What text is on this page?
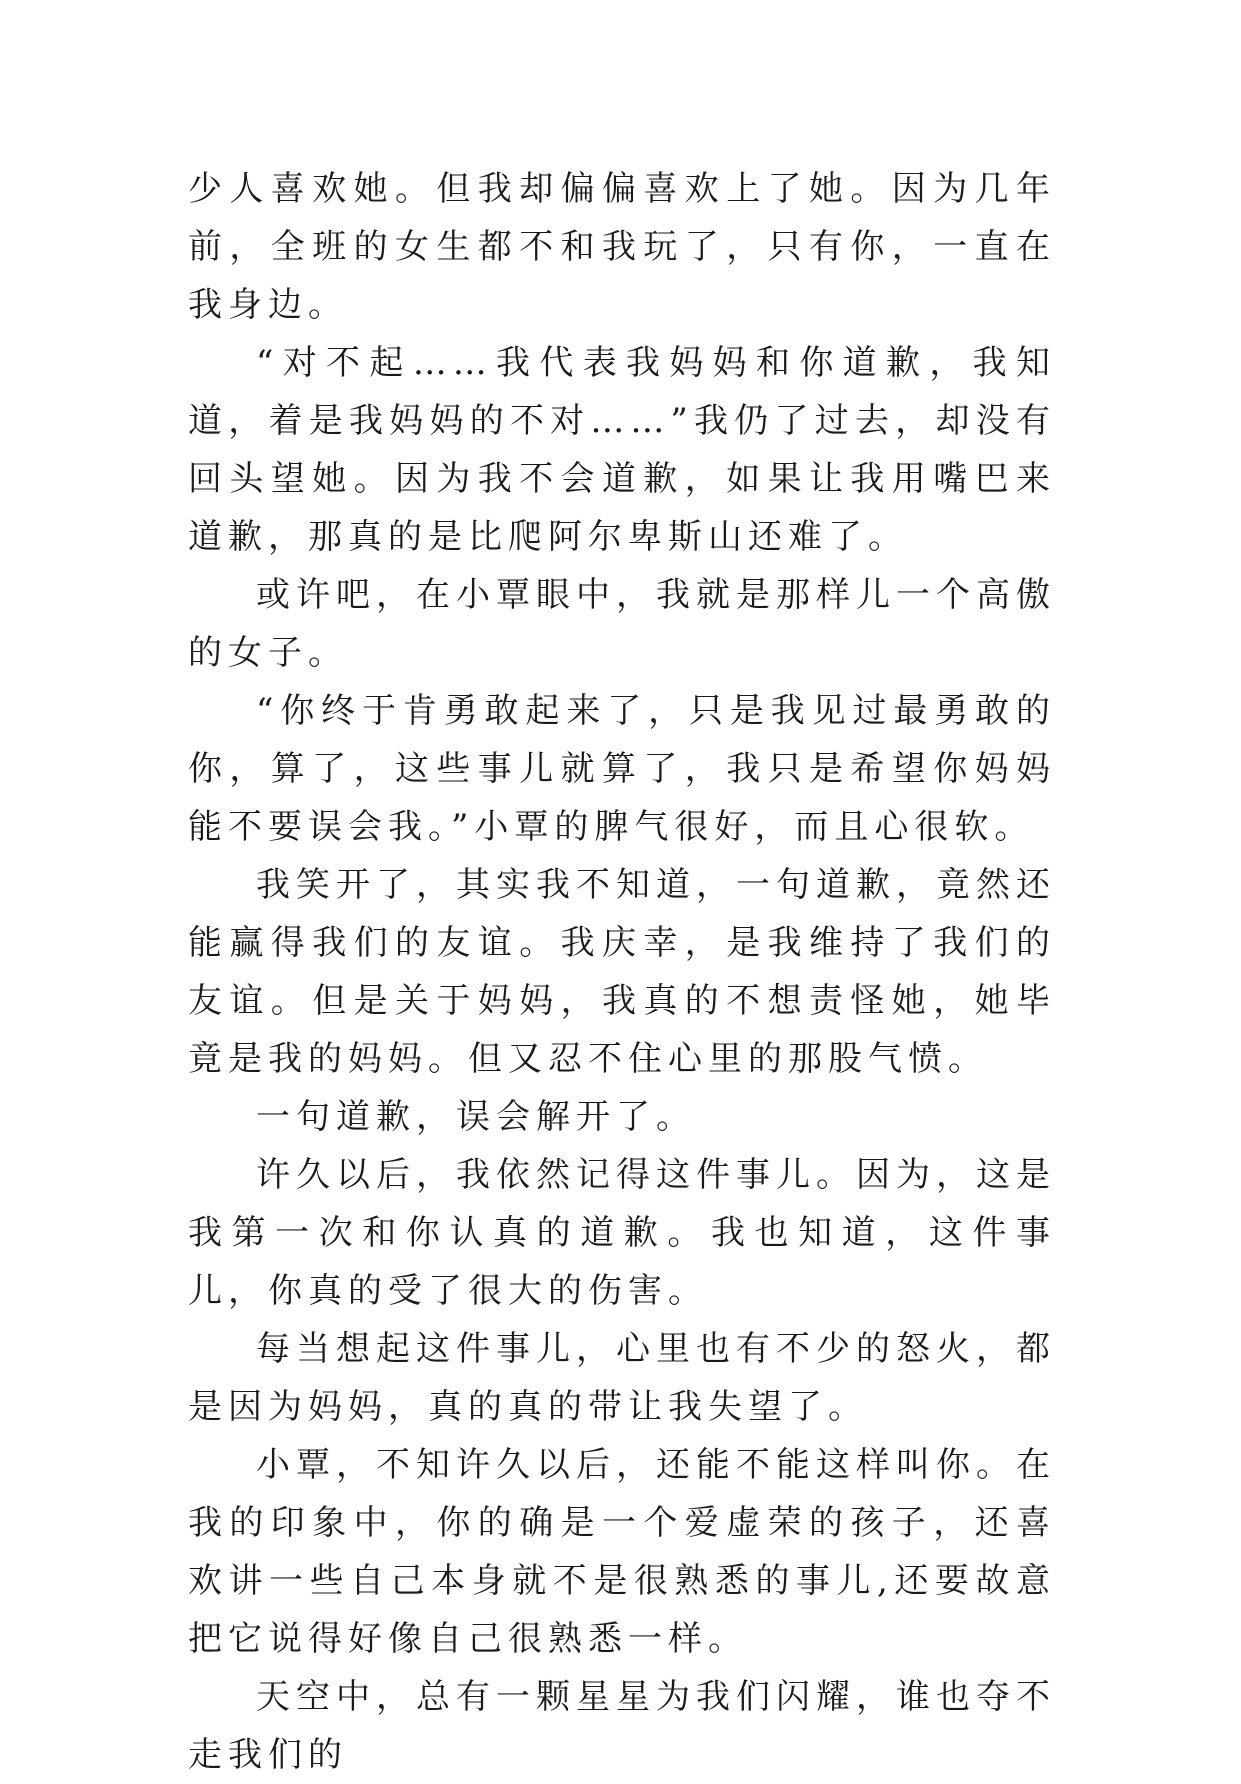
少人喜欢她。但我却偏偏喜欢上了她。因为几年前，全班的女生都不和我玩了，只有你，一直在我身边。

“对不起……我代表我妈妈和你道歉，我知道，着是我妈妈的不对……”我仍了过去，却没有回头望她。因为我不会道歉，如果让我用嘴巴来道歉，那真的是比爬阿尔卑斯山还难了。

或许吧，在小覃眼中，我就是那样儿一个高傲的女子。

“你终于肯勇敢起来了，只是我见过最勇敢的你，算了，这些事儿就算了，我只是希望你妈妈能不要误会我。”小覃的脾气很好，而且心很软。

我笑开了，其实我不知道，一句道歉，竟然还能赢得我们的友谊。我庆幸，是我维持了我们的友谊。但是关于妈妈，我真的不想责怪她，她毕竟是我的妈妈。但又忍不住心里的那股气愤。

一句道歉，误会解开了。

许久以后，我依然记得这件事儿。因为，这是我第一次和你认真的道歉。我也知道，这件事儿，你真的受了很大的伤害。

每当想起这件事儿，心里也有不少的怒火，都是因为妈妈，真的真的带让我失望了。

小覃，不知许久以后，还能不能这样叫你。在我的印象中，你的确是一个爱虚荣的孩子，还喜欢讲一些自己本身就不是很熟悉的事儿,还要故意把它说得好像自己很熟悉一样。

天空中，总有一颗星星为我们闪耀，谁也夺不走我们的
